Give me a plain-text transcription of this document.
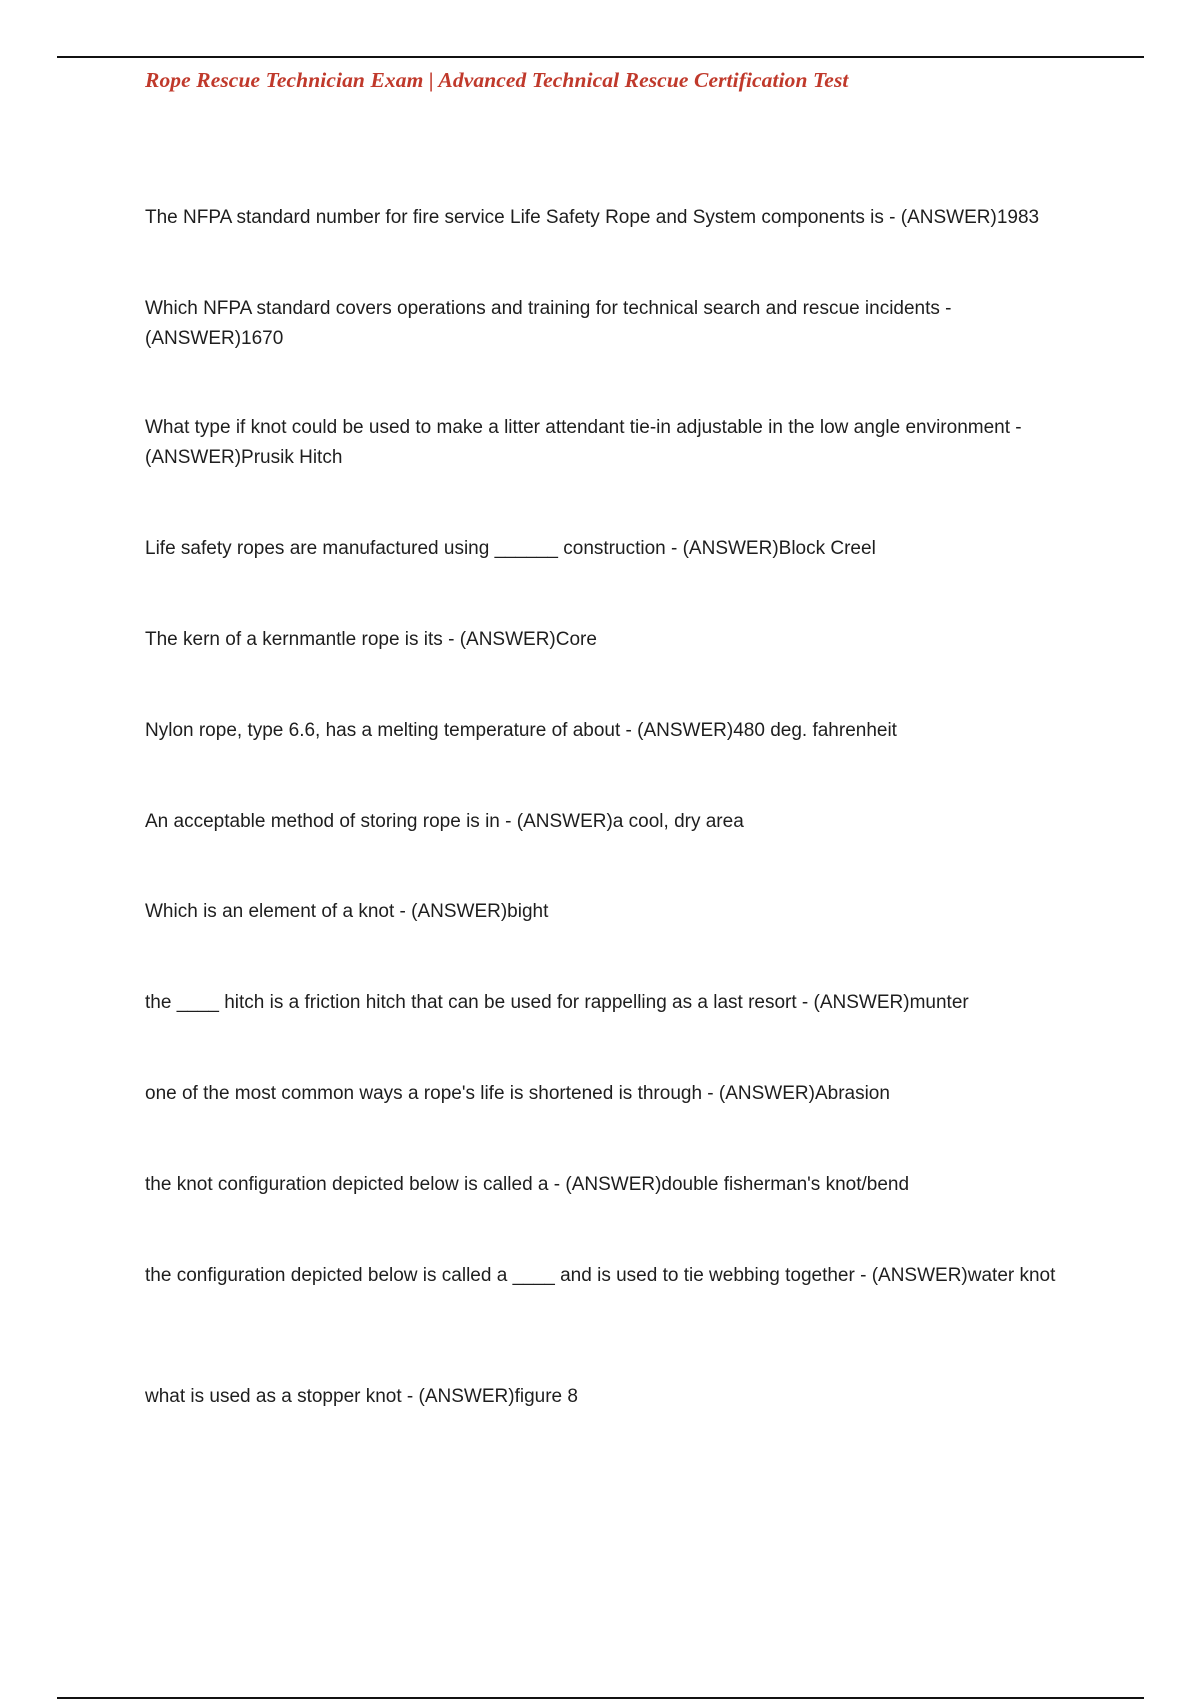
Rope Rescue Technician Exam | Advanced Technical Rescue Certification Test

The NFPA standard number for fire service Life Safety Rope and System components is - (ANSWER)1983

Which NFPA standard covers operations and training for technical search and rescue incidents - (ANSWER)1670

What type if knot could be used to make a litter attendant tie-in adjustable in the low angle environment - (ANSWER)Prusik Hitch

Life safety ropes are manufactured using ______ construction - (ANSWER)Block Creel

The kern of a kernmantle rope is its - (ANSWER)Core

Nylon rope, type 6.6, has a melting temperature of about - (ANSWER)480 deg. fahrenheit

An acceptable method of storing rope is in - (ANSWER)a cool, dry area

Which is an element of a knot - (ANSWER)bight

the ____ hitch is a friction hitch that can be used for rappelling as a last resort - (ANSWER)munter

one of the most common ways a rope's life is shortened is through - (ANSWER)Abrasion

the knot configuration depicted below is called a - (ANSWER)double fisherman's knot/bend

the configuration depicted below is called a ____ and is used to tie webbing together - (ANSWER)water knot

what is used as a stopper knot - (ANSWER)figure 8
